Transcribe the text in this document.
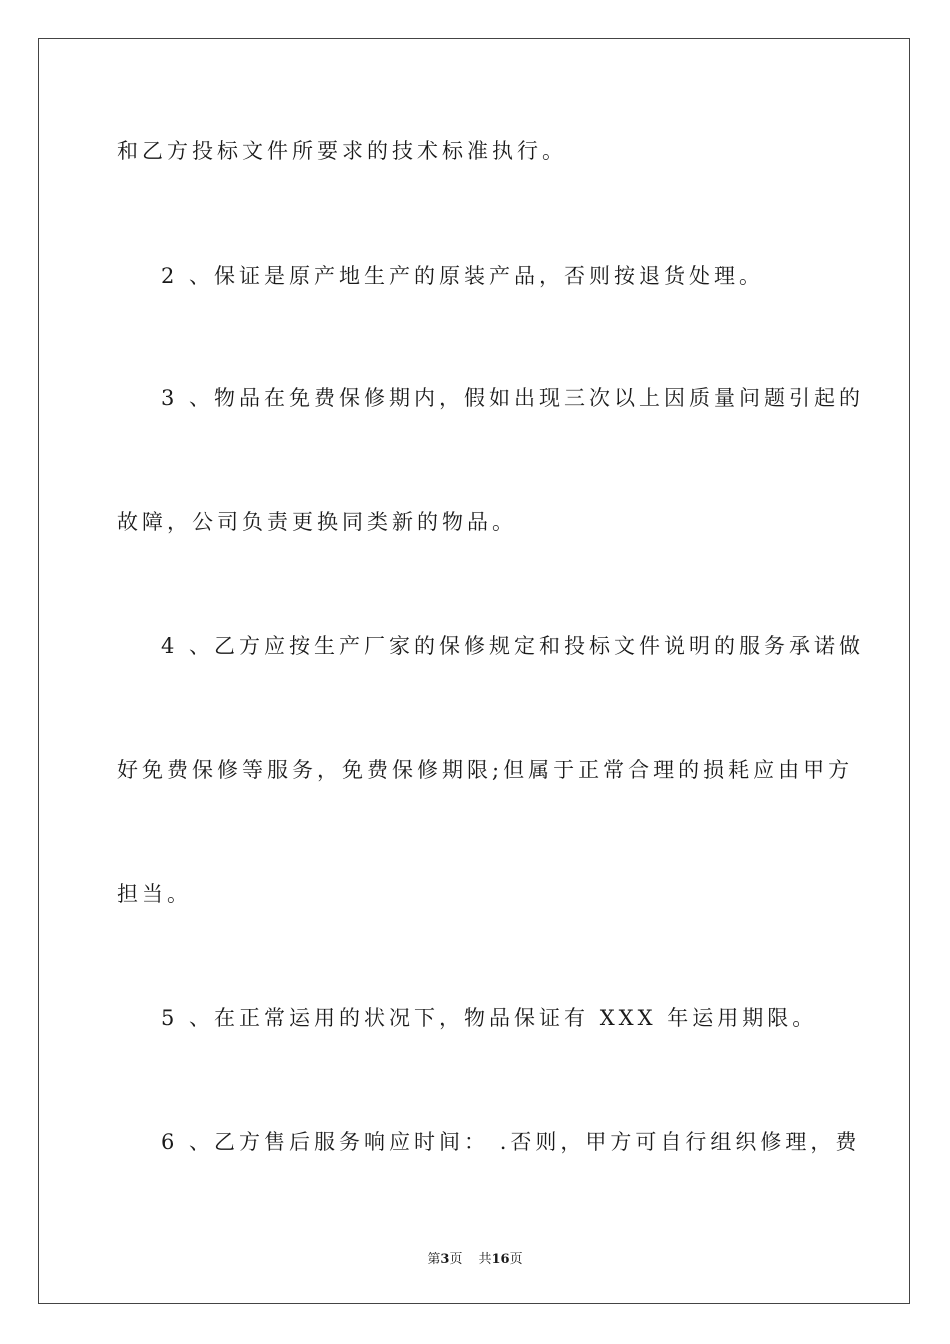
和乙方投标文件所要求的技术标准执行。
2 、保证是原产地生产的原装产品，否则按退货处理。
3 、物品在免费保修期内，假如出现三次以上因质量问题引起的
故障，公司负责更换同类新的物品。
4 、乙方应按生产厂家的保修规定和投标文件说明的服务承诺做
好免费保修等服务，免费保修期限;但属于正常合理的损耗应由甲方
担当。
5 、在正常运用的状况下，物品保证有 XXX 年运用期限。
6 、乙方售后服务响应时间： .否则，甲方可自行组织修理，费
第3页 共16页
